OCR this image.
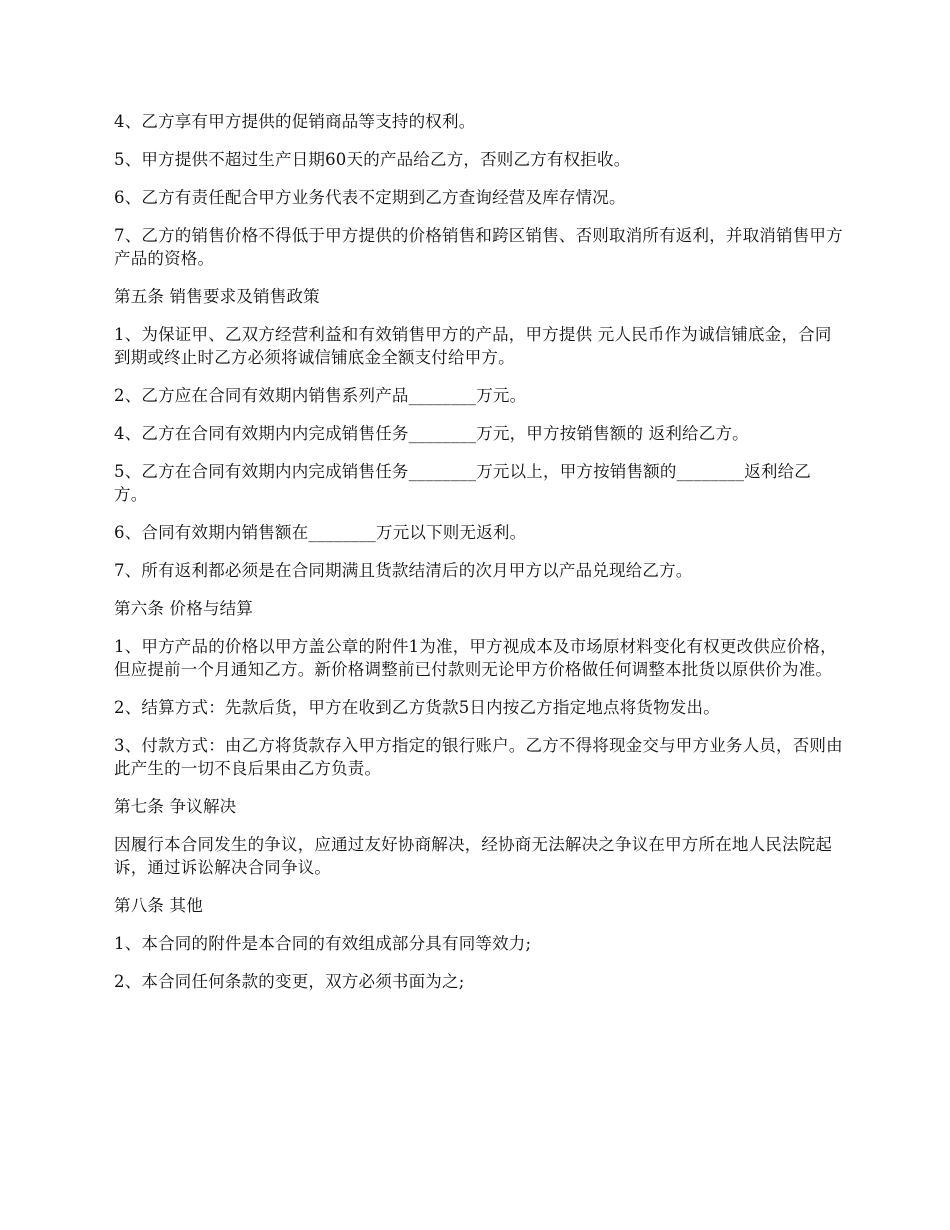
4、乙方享有甲方提供的促销商品等支持的权利。

5、甲方提供不超过生产日期60天的产品给乙方，否则乙方有权拒收。

6、乙方有责任配合甲方业务代表不定期到乙方查询经营及库存情况。

7、乙方的销售价格不得低于甲方提供的价格销售和跨区销售、否则取消所有返利，并取消销售甲方产品的资格。

第五条 销售要求及销售政策

1、为保证甲、乙双方经营利益和有效销售甲方的产品，甲方提供 元人民币作为诚信铺底金，合同到期或终止时乙方必须将诚信铺底金全额支付给甲方。

2、乙方应在合同有效期内销售系列产品________万元。

4、乙方在合同有效期内内完成销售任务________万元，甲方按销售额的 返利给乙方。

5、乙方在合同有效期内内完成销售任务________万元以上，甲方按销售额的________返利给乙方。

6、合同有效期内销售额在________万元以下则无返利。

7、所有返利都必须是在合同期满且货款结清后的次月甲方以产品兑现给乙方。

第六条 价格与结算

1、甲方产品的价格以甲方盖公章的附件1为准，甲方视成本及市场原材料变化有权更改供应价格，但应提前一个月通知乙方。新价格调整前已付款则无论甲方价格做任何调整本批货以原供价为准。

2、结算方式：先款后货，甲方在收到乙方货款5日内按乙方指定地点将货物发出。

3、付款方式：由乙方将货款存入甲方指定的银行账户。乙方不得将现金交与甲方业务人员，否则由此产生的一切不良后果由乙方负责。

第七条 争议解决

因履行本合同发生的争议，应通过友好协商解决，经协商无法解决之争议在甲方所在地人民法院起诉，通过诉讼解决合同争议。

第八条 其他

1、本合同的附件是本合同的有效组成部分具有同等效力;

2、本合同任何条款的变更，双方必须书面为之;
